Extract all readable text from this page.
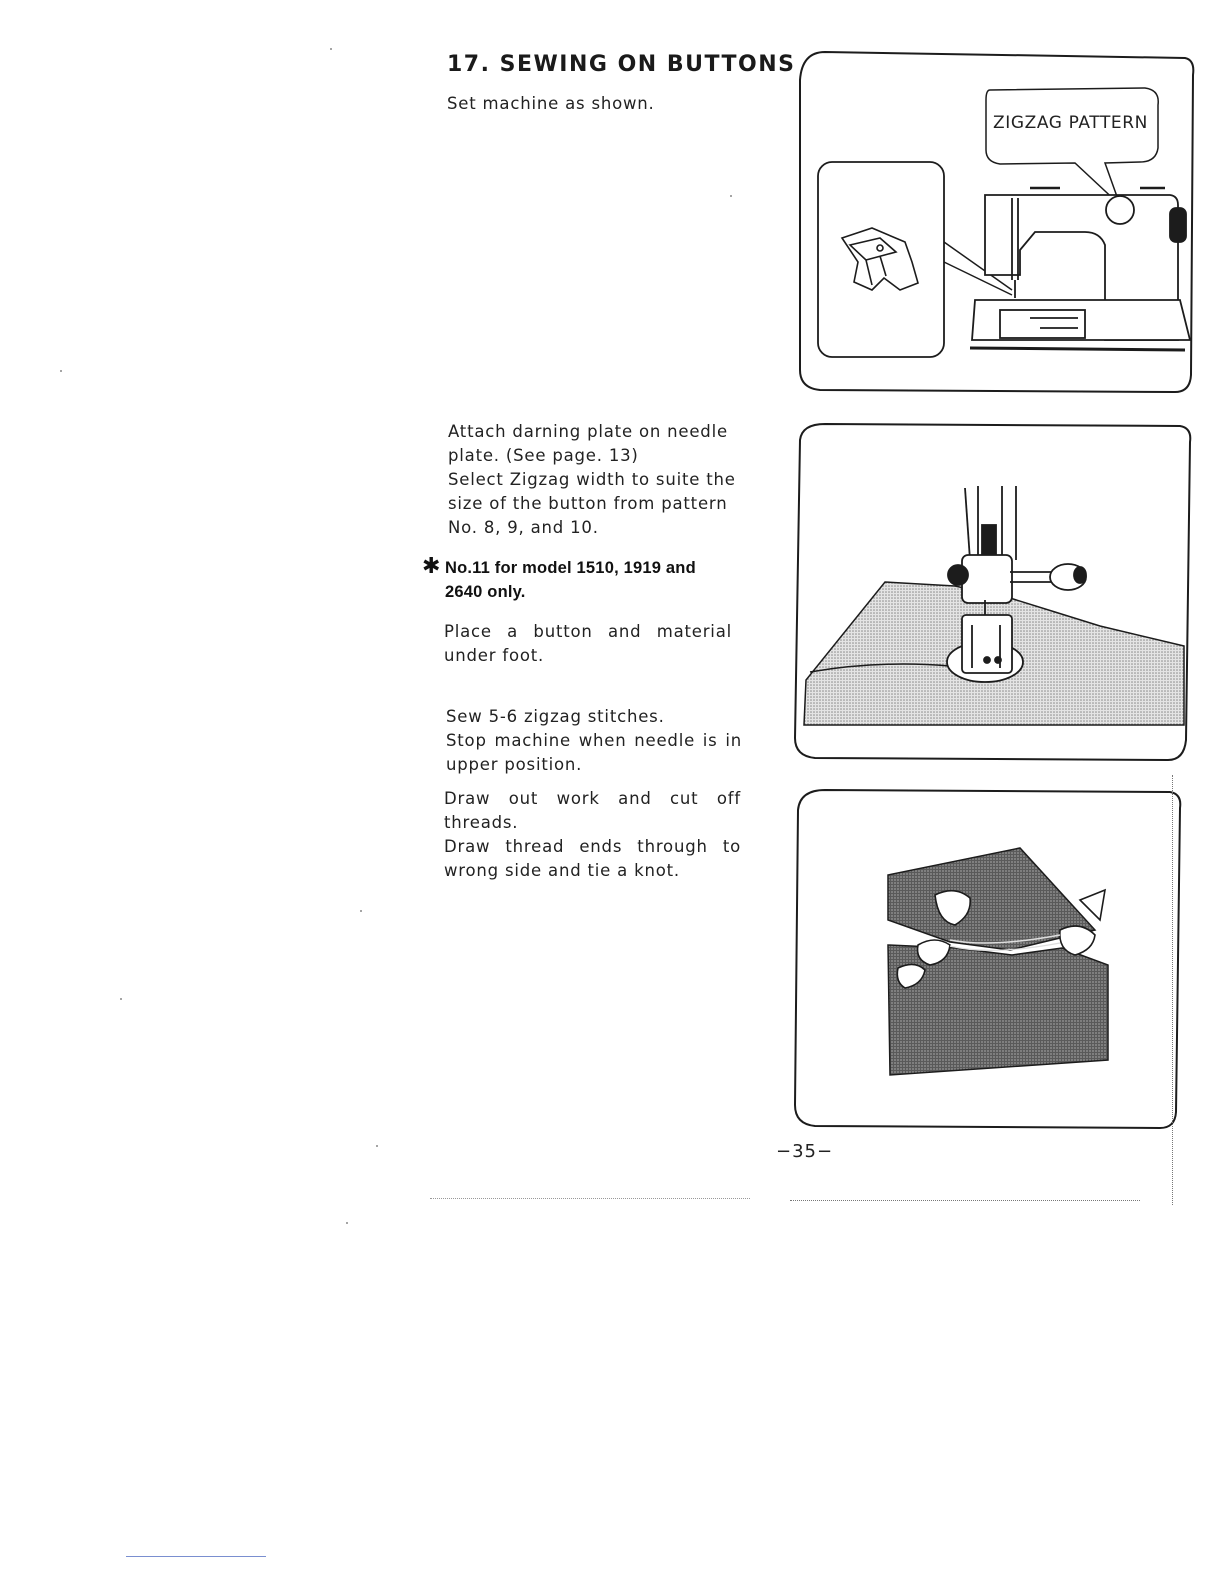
17. SEWING ON BUTTONS
Set machine as shown.
Attach darning plate on needle
plate. (See page. 13)
Select Zigzag width to suite the
size of the button from pattern
No. 8, 9, and 10.
✱ No.11 for model 1510, 1919 and
2640 only.
Place a button and material
under foot.
Sew 5-6 zigzag stitches.
Stop machine when needle is in
upper position.
Draw out work and cut off
threads.
Draw thread ends through to
wrong side and tie a knot.
ZIGZAG PATTERN
−35−
